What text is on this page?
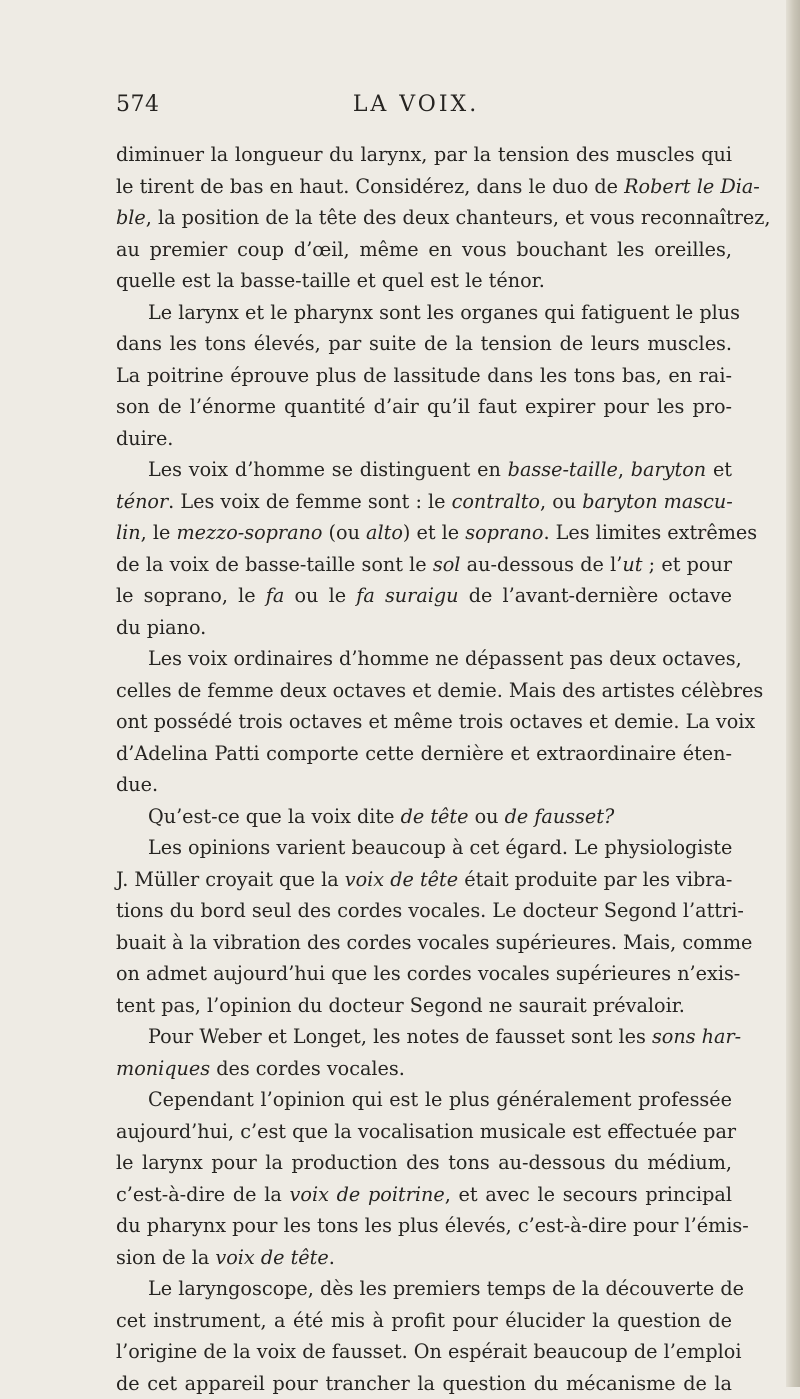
574	LA VOIX.
diminuer la longueur du larynx, par la tension des muscles qui
le tirent de bas en haut. Considérez, dans le duo de Robert le Dia-
ble, la position de la tête des deux chanteurs, et vous reconnaîtrez,
au premier coup d’œil, même en vous bouchant les oreilles,
quelle est la basse-taille et quel est le ténor.
Le larynx et le pharynx sont les organes qui fatiguent le plus
dans les tons élevés, par suite de la tension de leurs muscles.
La poitrine éprouve plus de lassitude dans les tons bas, en rai-
son de l’énorme quantité d’air qu’il faut expirer pour les pro-
duire.
Les voix d’homme se distinguent en basse-taille, baryton et
ténor. Les voix de femme sont : le contralto, ou baryton mascu-
lin, le mezzo-soprano (ou alto) et le soprano. Les limites extrêmes
de la voix de basse-taille sont le sol au-dessous de l’ut ; et pour
le soprano, le fa ou le fa suraigu de l’avant-dernière octave
du piano.
Les voix ordinaires d’homme ne dépassent pas deux octaves,
celles de femme deux octaves et demie. Mais des artistes célèbres
ont possédé trois octaves et même trois octaves et demie. La voix
d’Adelina Patti comporte cette dernière et extraordinaire éten-
due.
Qu’est-ce que la voix dite de tête ou de fausset?
Les opinions varient beaucoup à cet égard. Le physiologiste
J. Müller croyait que la voix de tête était produite par les vibra-
tions du bord seul des cordes vocales. Le docteur Segond l’attri-
buait à la vibration des cordes vocales supérieures. Mais, comme
on admet aujourd’hui que les cordes vocales supérieures n’exis-
tent pas, l’opinion du docteur Segond ne saurait prévaloir.
Pour Weber et Longet, les notes de fausset sont les sons har-
moniques des cordes vocales.
Cependant l’opinion qui est le plus généralement professée
aujourd’hui, c’est que la vocalisation musicale est effectuée par
le larynx pour la production des tons au-dessous du médium,
c’est-à-dire de la voix de poitrine, et avec le secours principal
du pharynx pour les tons les plus élevés, c’est-à-dire pour l’émis-
sion de la voix de tête.
Le laryngoscope, dès les premiers temps de la découverte de
cet instrument, a été mis à profit pour élucider la question de
l’origine de la voix de fausset. On espérait beaucoup de l’emploi
de cet appareil pour trancher la question du mécanisme de la
